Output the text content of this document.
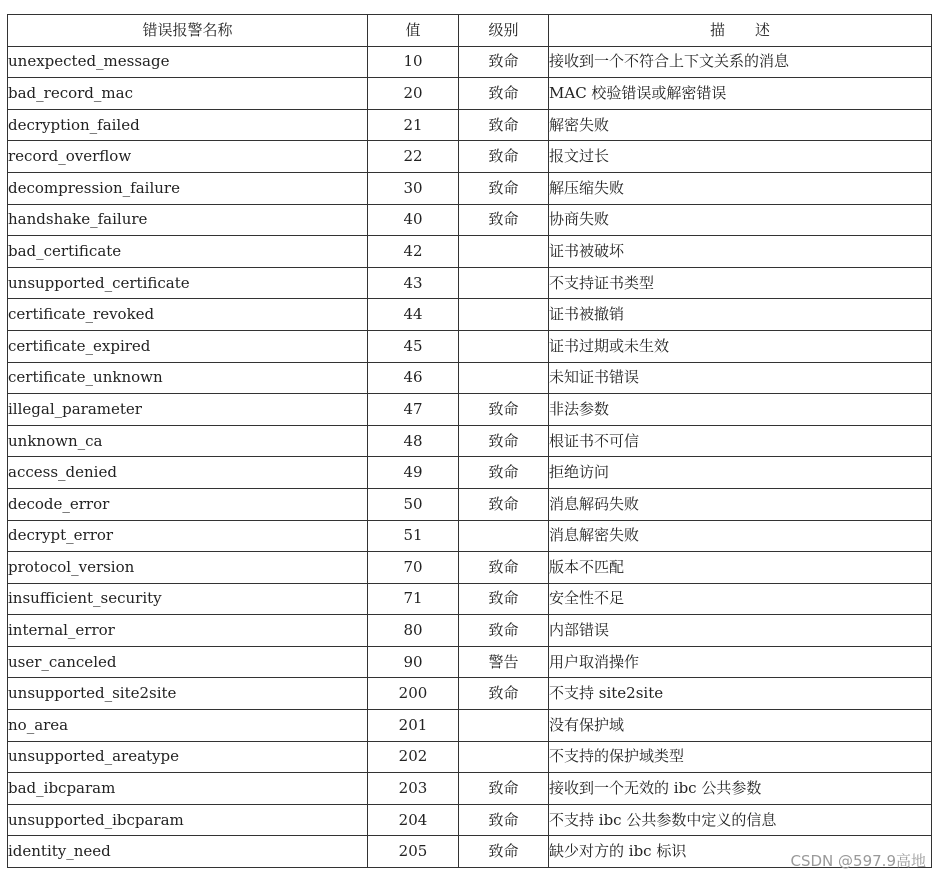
错误报警名称	值	级别	描　　述
unexpected_message	10	致命	接收到一个不符合上下文关系的消息
bad_record_mac	20	致命	MAC 校验错误或解密错误
decryption_failed	21	致命	解密失败
record_overflow	22	致命	报文过长
decompression_failure	30	致命	解压缩失败
handshake_failure	40	致命	协商失败
bad_certificate	42		证书被破坏
unsupported_certificate	43		不支持证书类型
certificate_revoked	44		证书被撤销
certificate_expired	45		证书过期或未生效
certificate_unknown	46		未知证书错误
illegal_parameter	47	致命	非法参数
unknown_ca	48	致命	根证书不可信
access_denied	49	致命	拒绝访问
decode_error	50	致命	消息解码失败
decrypt_error	51		消息解密失败
protocol_version	70	致命	版本不匹配
insufficient_security	71	致命	安全性不足
internal_error	80	致命	内部错误
user_canceled	90	警告	用户取消操作
unsupported_site2site	200	致命	不支持 site2site
no_area	201		没有保护域
unsupported_areatype	202		不支持的保护域类型
bad_ibcparam	203	致命	接收到一个无效的 ibc 公共参数
unsupported_ibcparam	204	致命	不支持 ibc 公共参数中定义的信息
identity_need	205	致命	缺少对方的 ibc 标识
CSDN @597.9高地
